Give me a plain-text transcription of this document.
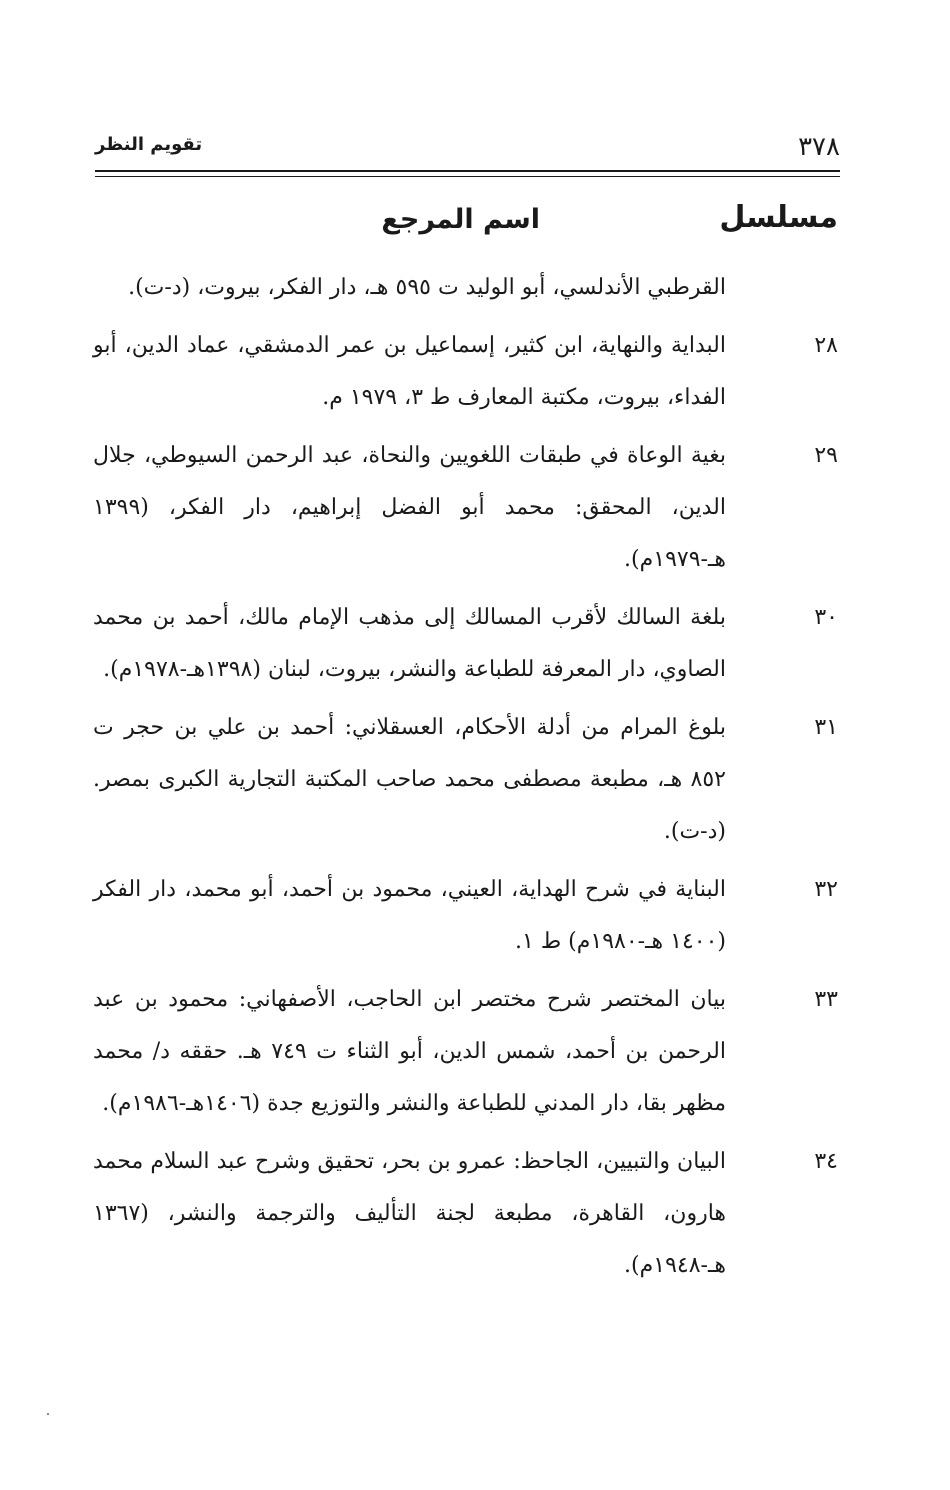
٣٧٨
تقويم النظر
مسلسل
اسم المرجع
القرطبي الأندلسي، أبو الوليد ت ٥٩٥ هـ، دار الفكر، بيروت، (د-ت).
٢٨
البداية والنهاية، ابن كثير، إسماعيل بن عمر الدمشقي، عماد الدين، أبو الفداء، بيروت، مكتبة المعارف ط ٣، ١٩٧٩ م.
٢٩
بغية الوعاة في طبقات اللغويين والنحاة، عبد الرحمن السيوطي، جلال الدين، المحقق: محمد أبو الفضل إبراهيم، دار الفكر، (١٣٩٩ هـ-١٩٧٩م).
٣٠
بلغة السالك لأقرب المسالك إلى مذهب الإمام مالك، أحمد بن محمد الصاوي، دار المعرفة للطباعة والنشر، بيروت، لبنان (١٣٩٨هـ-١٩٧٨م).
٣١
بلوغ المرام من أدلة الأحكام، العسقلاني: أحمد بن علي بن حجر ت ٨٥٢ هـ، مطبعة مصطفى محمد صاحب المكتبة التجارية الكبرى بمصر. (د-ت).
٣٢
البناية في شرح الهداية، العيني، محمود بن أحمد، أبو محمد، دار الفكر (١٤٠٠ هـ-١٩٨٠م) ط ١.
٣٣
بيان المختصر شرح مختصر ابن الحاجب، الأصفهاني: محمود بن عبد الرحمن بن أحمد، شمس الدين، أبو الثناء ت ٧٤٩ هـ. حققه د/ محمد مظهر بقا، دار المدني للطباعة والنشر والتوزيع جدة (١٤٠٦هـ-١٩٨٦م).
٣٤
البيان والتبيين، الجاحظ: عمرو بن بحر، تحقيق وشرح عبد السلام محمد هارون، القاهرة، مطبعة لجنة التأليف والترجمة والنشر، (١٣٦٧ هـ-١٩٤٨م).
